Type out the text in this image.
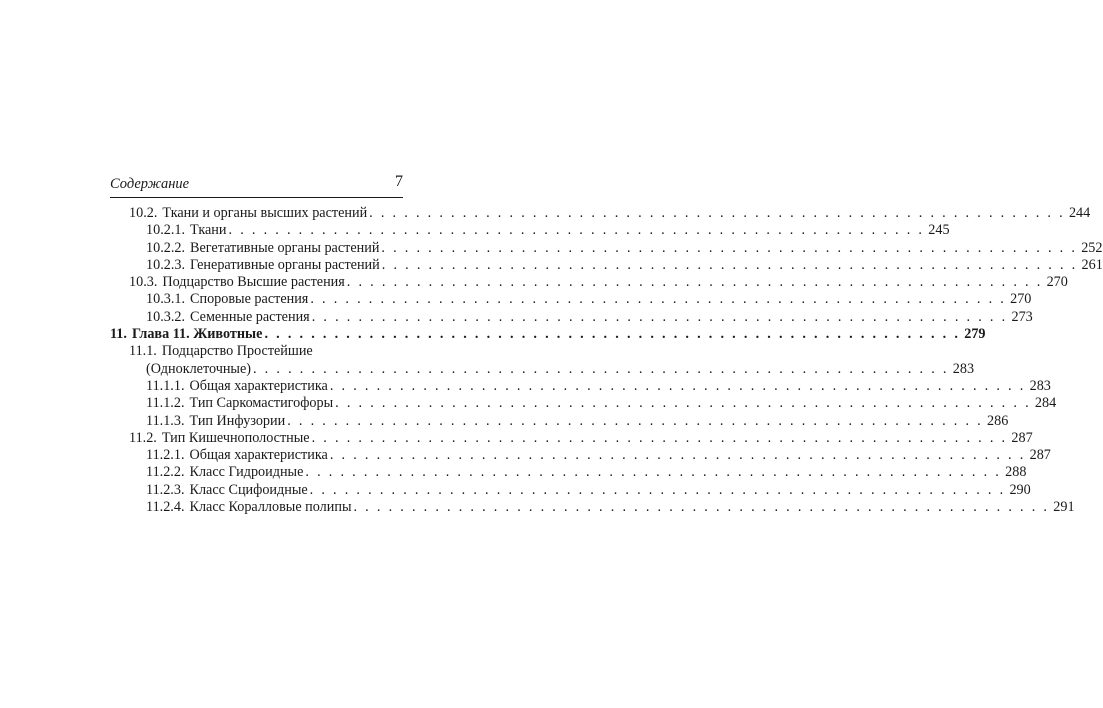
Содержание	7
10.2. Ткани и органы высших растений . . .	244
10.2.1. Ткани . . .	245
10.2.2. Вегетативные органы растений . . .	252
10.2.3. Генеративные органы растений . . .	261
10.3. Подцарство Высшие растения . . .	270
10.3.1. Споровые растения . . .	270
10.3.2. Семенные растения . . .	273
11. Глава 11. Животные . . .	279
11.1. Подцарство Простейшие
(Одноклеточные) . . .	283
11.1.1. Общая характеристика . . .	283
11.1.2. Тип Саркомастигофоры . . .	284
11.1.3. Тип Инфузории . . .	286
11.2. Тип Кишечнополостные . . .	287
11.2.1. Общая характеристика . . .	287
11.2.2. Класс Гидроидные . . .	288
11.2.3. Класс Сцифоидные . . .	290
11.2.4. Класс Коралловые полипы . . .	291
